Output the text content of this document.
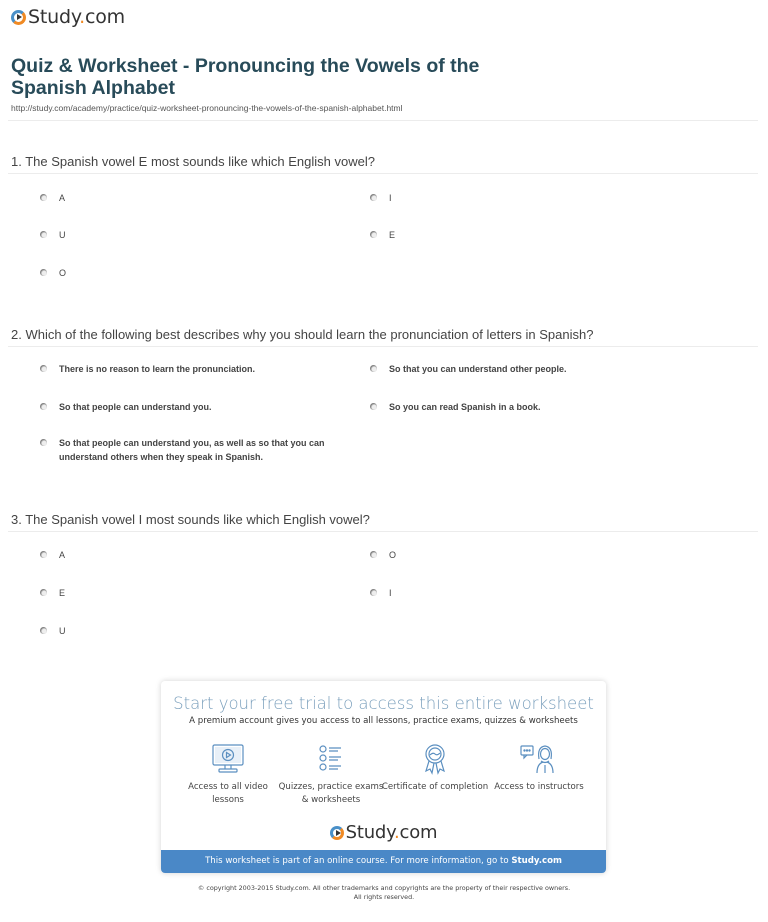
Study.com
Quiz & Worksheet - Pronouncing the Vowels of the Spanish Alphabet
http://study.com/academy/practice/quiz-worksheet-pronouncing-the-vowels-of-the-spanish-alphabet.html
1. The Spanish vowel E most sounds like which English vowel?
A	I
U	E
O
2. Which of the following best describes why you should learn the pronunciation of letters in Spanish?
There is no reason to learn the pronunciation.	So that you can understand other people.
So that people can understand you.	So you can read Spanish in a book.
So that people can understand you, as well as so that you can understand others when they speak in Spanish.
3. The Spanish vowel I most sounds like which English vowel?
A	O
E	I
U
Start your free trial to access this entire worksheet
A premium account gives you access to all lessons, practice exams, quizzes & worksheets
Access to all video lessons
Quizzes, practice exams & worksheets
Certificate of completion Access to instructors
Study.com
This worksheet is part of an online course. For more information, go to Study.com
© copyright 2003-2015 Study.com. All other trademarks and copyrights are the property of their respective owners.
All rights reserved.
